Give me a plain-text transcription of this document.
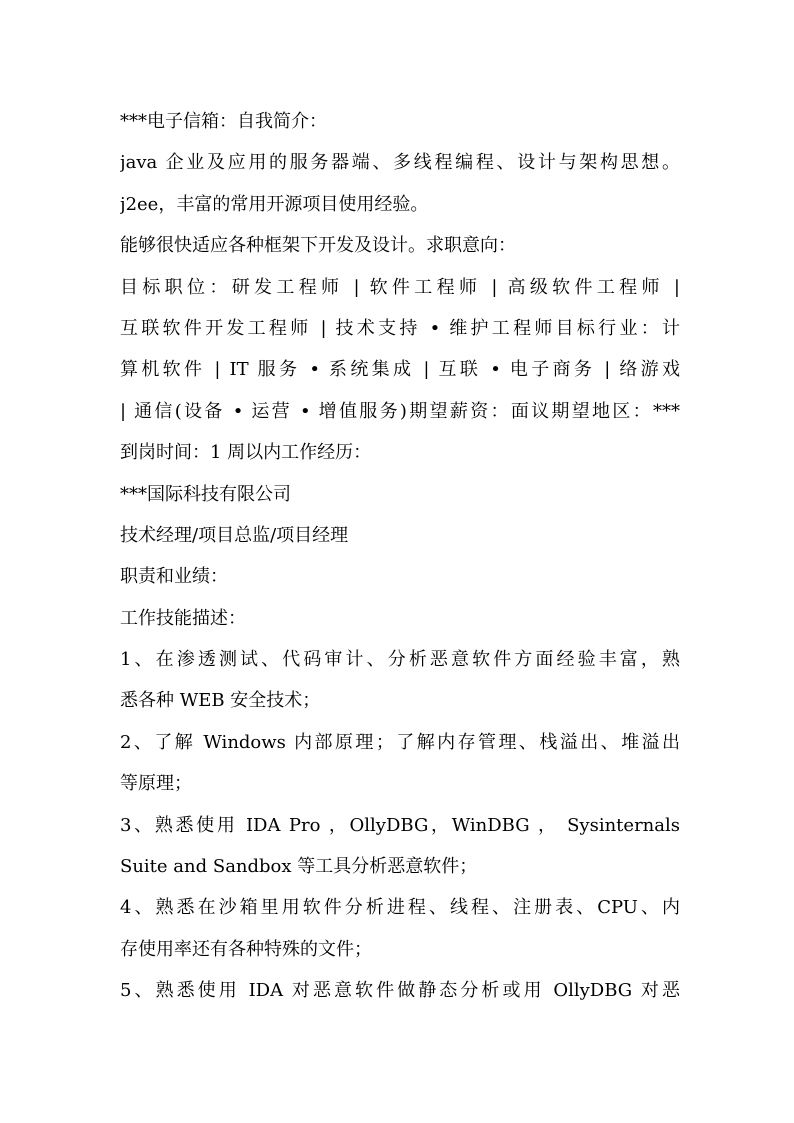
***电子信箱：自我简介：
java 企业及应用的服务器端、多线程编程、设计与架构思想。
j2ee，丰富的常用开源项目使用经验。
能够很快适应各种框架下开发及设计。求职意向：
目标职位：研发工程师 | 软件工程师 | 高级软件工程师 |
互联软件开发工程师 | 技术支持 • 维护工程师目标行业：计
算机软件 | IT 服务 • 系统集成 | 互联 • 电子商务 | 络游戏
| 通信(设备 • 运营 • 增值服务)期望薪资：面议期望地区：***
到岗时间：1 周以内工作经历：
***国际科技有限公司
技术经理/项目总监/项目经理
职责和业绩：
工作技能描述：
1、在渗透测试、代码审计、分析恶意软件方面经验丰富，熟
悉各种 WEB 安全技术；
2、了解 Windows 内部原理；了解内存管理、栈溢出、堆溢出
等原理；
3、熟悉使用 IDA Pro ，OllyDBG，WinDBG ， Sysinternals
Suite and Sandbox 等工具分析恶意软件；
4、熟悉在沙箱里用软件分析进程、线程、注册表、CPU、内
存使用率还有各种特殊的文件；
5、熟悉使用 IDA 对恶意软件做静态分析或用 OllyDBG 对恶
